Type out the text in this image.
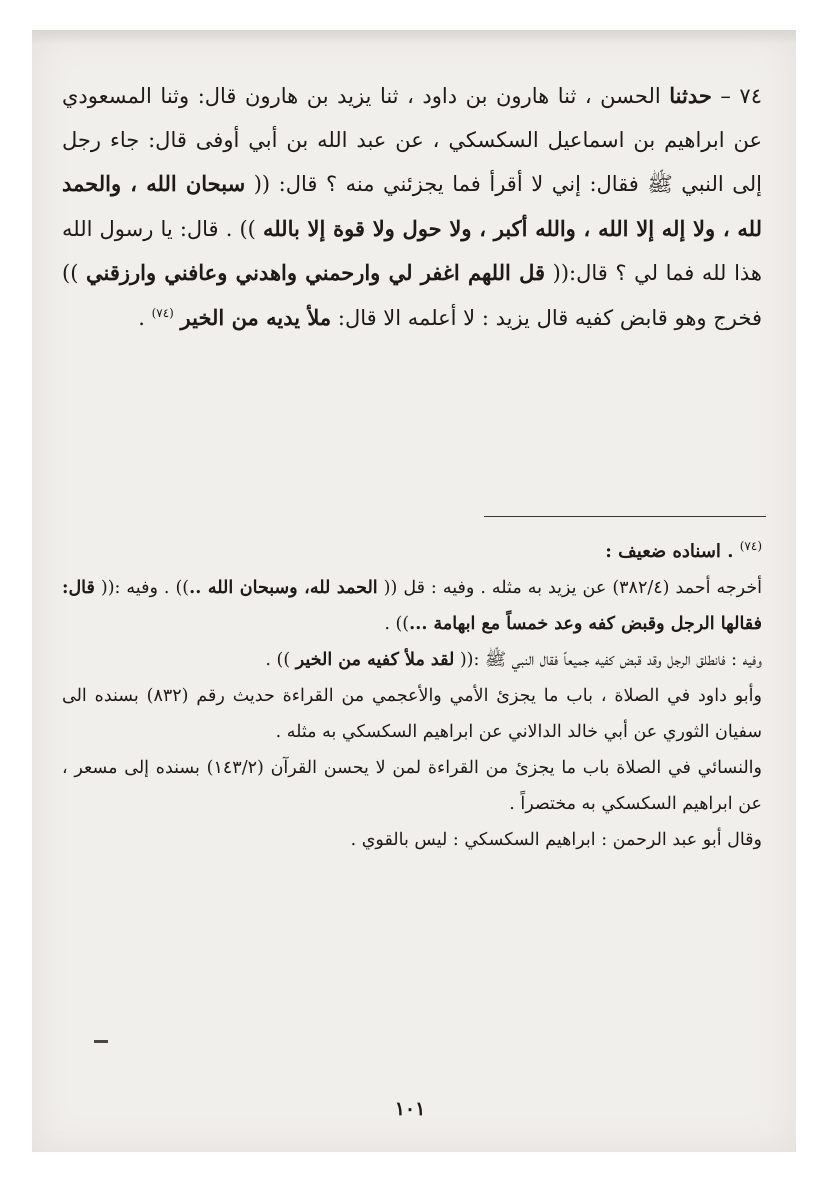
٧٤ – حدثنا الحسن ، ثنا هارون بن داود ، ثنا يزيد بن هارون قال: وثنا المسعودي عن ابراهيم بن اسماعيل السكسكي ، عن عبد الله بن أبي أوفى قال: جاء رجل إلى النبي ﷺ فقال: إني لا أقرأ فما يجزئني منه ؟ قال: (( سبحان الله ، والحمد لله ، ولا إله إلا الله ، والله أكبر ، ولا حول ولا قوة إلا بالله )) . قال: يا رسول الله هذا لله فما لي ؟ قال:(( قل اللهم اغفر لي وارحمني واهدني وعافني وارزقني )) فخرج وهو قابض كفيه قال يزيد : لا أعلمه الا قال: ملأ يديه من الخير $^{(٧٤)}$ .

$^{(٧٤)}$ . اسناده ضعيف :

أخرجه أحمد (٣٨٢/٤) عن يزيد به مثله . وفيه : قل (( الحمد لله، وسبحان الله ..)) . وفيه :(( قال: فقالها الرجل وقبض كفه وعد خمساً مع ابهامة ...)) .

وفيه : فانطلق الرجل وقد قبض كفيه جميعاً فقال النبي ﷺ :(( لقد ملأ كفيه من الخير )) .

وأبو داود في الصلاة ، باب ما يجزئ الأمي والأعجمي من القراءة حديث رقم (٨٣٢) بسنده الى سفيان الثوري عن أبي خالد الدالاني عن ابراهيم السكسكي به مثله .

والنسائي في الصلاة باب ما يجزئ من القراءة لمن لا يحسن القرآن (١٤٣/٢) بسنده إلى مسعر ، عن ابراهيم السكسكي به مختصراً .

وقال أبو عبد الرحمن : ابراهيم السكسكي : ليس بالقوي .

١٠١
